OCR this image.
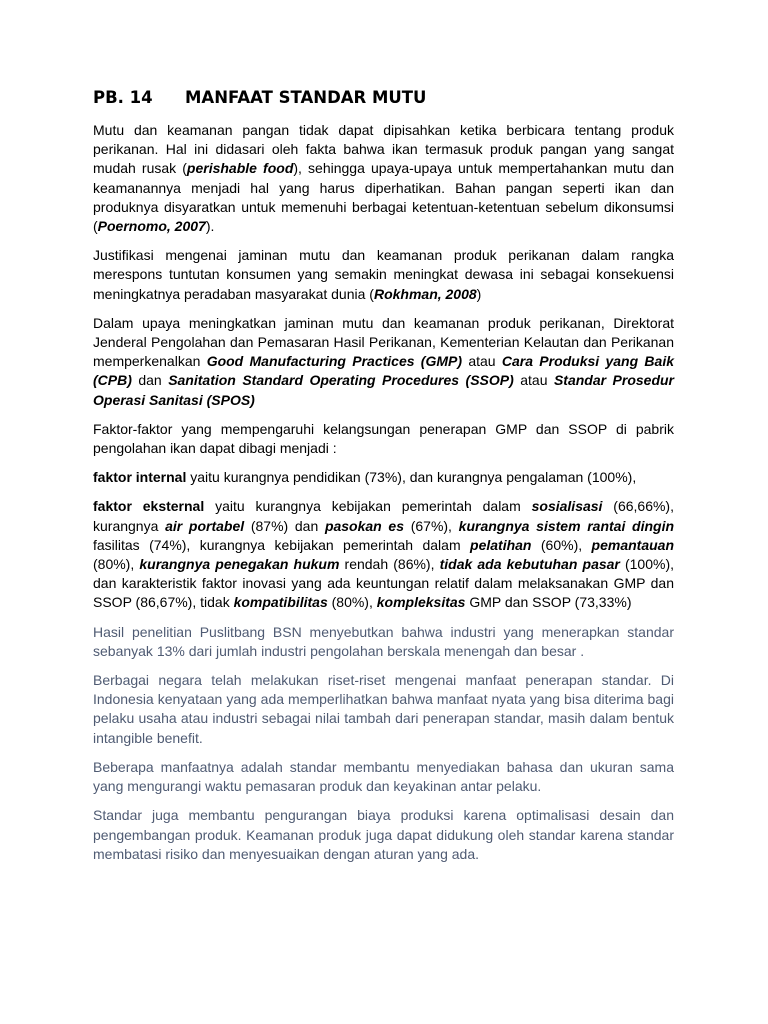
PB. 14	MANFAAT STANDAR MUTU

Mutu dan keamanan pangan tidak dapat dipisahkan ketika berbicara tentang produk perikanan. Hal ini didasari oleh fakta bahwa ikan termasuk produk pangan yang sangat mudah rusak (perishable food), sehingga upaya-upaya untuk mempertahankan mutu dan keamanannya menjadi hal yang harus diperhatikan. Bahan pangan seperti ikan dan produknya disyaratkan untuk memenuhi berbagai ketentuan-ketentuan sebelum dikonsumsi (Poernomo, 2007).

Justifikasi mengenai jaminan mutu dan keamanan produk perikanan dalam rangka merespons tuntutan konsumen yang semakin meningkat dewasa ini sebagai konsekuensi meningkatnya peradaban masyarakat dunia (Rokhman, 2008)

Dalam upaya meningkatkan jaminan mutu dan keamanan produk perikanan, Direktorat Jenderal Pengolahan dan Pemasaran Hasil Perikanan, Kementerian Kelautan dan Perikanan memperkenalkan Good Manufacturing Practices (GMP) atau Cara Produksi yang Baik (CPB) dan Sanitation Standard Operating Procedures (SSOP) atau Standar Prosedur Operasi Sanitasi (SPOS)

Faktor-faktor yang mempengaruhi kelangsungan penerapan GMP dan SSOP di pabrik pengolahan ikan dapat dibagi menjadi :

faktor internal yaitu kurangnya pendidikan (73%), dan kurangnya pengalaman (100%),

faktor eksternal yaitu kurangnya kebijakan pemerintah dalam sosialisasi (66,66%), kurangnya air portabel (87%) dan pasokan es (67%), kurangnya sistem rantai dingin fasilitas (74%), kurangnya kebijakan pemerintah dalam pelatihan (60%), pemantauan (80%), kurangnya penegakan hukum rendah (86%), tidak ada kebutuhan pasar (100%), dan karakteristik faktor inovasi yang ada keuntungan relatif dalam melaksanakan GMP dan SSOP (86,67%), tidak kompatibilitas (80%), kompleksitas GMP dan SSOP (73,33%)

Hasil penelitian Puslitbang BSN menyebutkan bahwa industri yang menerapkan standar sebanyak 13% dari jumlah industri pengolahan berskala menengah dan besar .

Berbagai negara telah melakukan riset-riset mengenai manfaat penerapan standar. Di Indonesia kenyataan yang ada memperlihatkan bahwa manfaat nyata yang bisa diterima bagi pelaku usaha atau industri sebagai nilai tambah dari penerapan standar, masih dalam bentuk intangible benefit.

Beberapa manfaatnya adalah standar membantu menyediakan bahasa dan ukuran sama yang mengurangi waktu pemasaran produk dan keyakinan antar pelaku.

Standar juga membantu pengurangan biaya produksi karena optimalisasi desain dan pengembangan produk. Keamanan produk juga dapat didukung oleh standar karena standar membatasi risiko dan menyesuaikan dengan aturan yang ada.
